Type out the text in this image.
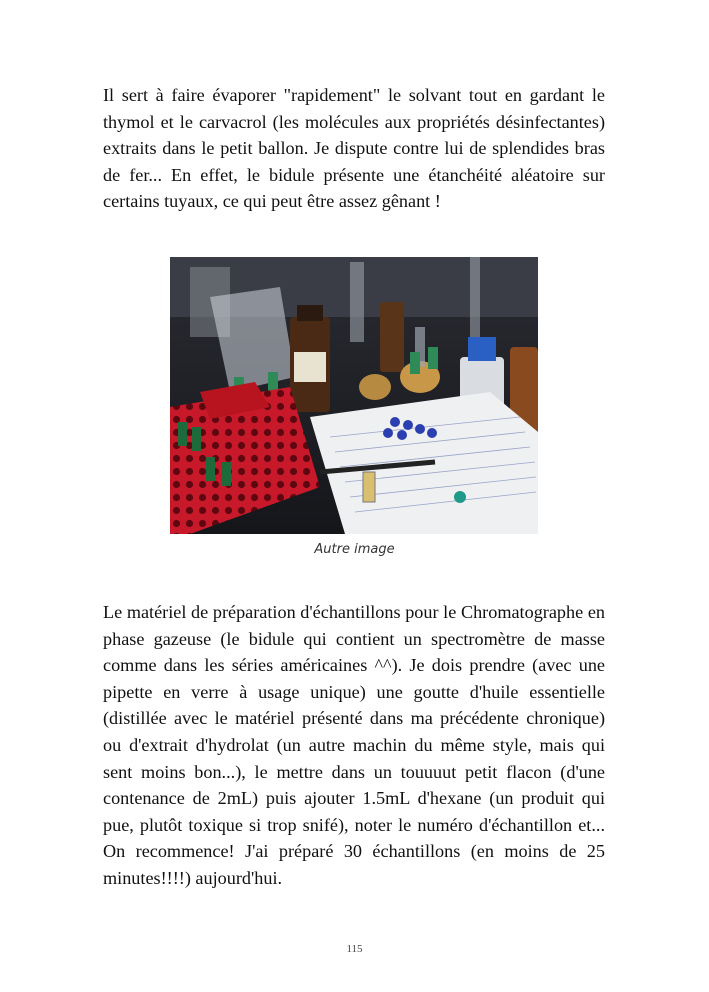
Il sert à faire évaporer "rapidement" le solvant tout en gardant le thymol et le carvacrol (les molécules aux propriétés désinfectantes) extraits dans le petit ballon. Je dispute contre lui de splendides bras de fer... En effet, le bidule présente une étanchéité aléatoire sur certains tuyaux, ce qui peut être assez gênant !

Autre image

Le matériel de préparation d'échantillons pour le Chromatographe en phase gazeuse (le bidule qui contient un spectromètre de masse comme dans les séries américaines ^^). Je dois prendre (avec une pipette en verre à usage unique) une goutte d'huile essentielle (distillée avec le matériel présenté dans ma précédente chronique) ou d'extrait d'hydrolat (un autre machin du même style, mais qui sent moins bon...), le mettre dans un touuuut petit flacon (d'une contenance de 2mL) puis ajouter 1.5mL d'hexane (un produit qui pue, plutôt toxique si trop snifé), noter le numéro d'échantillon et... On recommence! J'ai préparé 30 échantillons (en moins de 25 minutes!!!!) aujourd'hui.

115
